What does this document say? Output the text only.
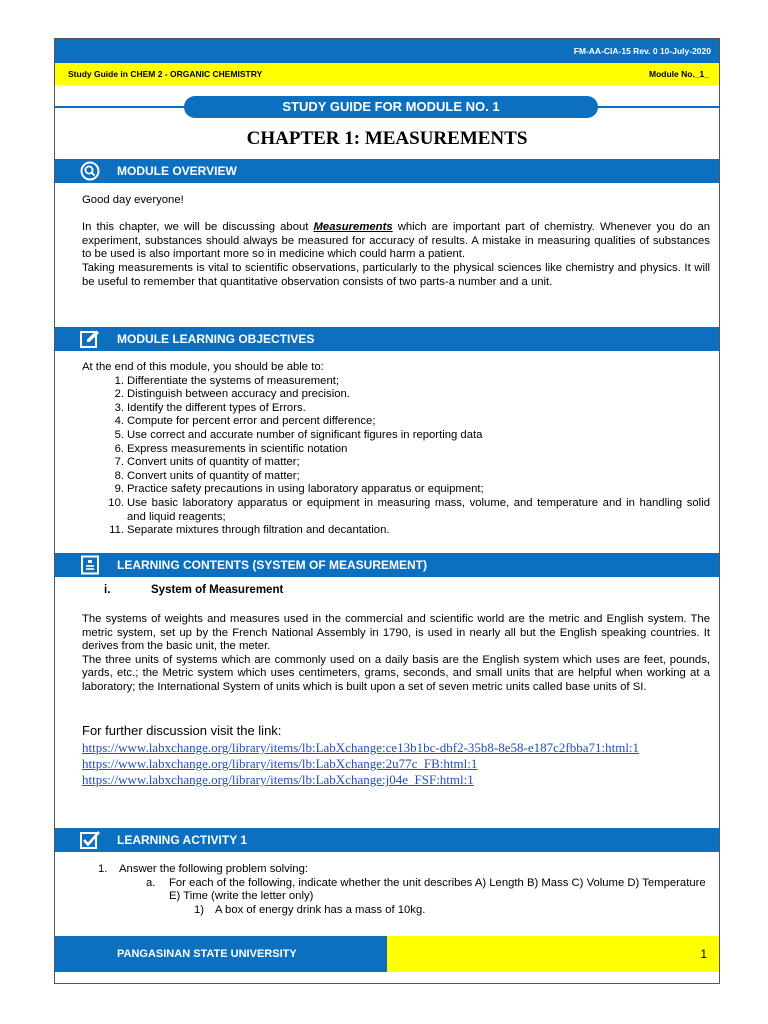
FM-AA-CIA-15 Rev. 0 10-July-2020
Study Guide in CHEM 2 - ORGANIC CHEMISTRY	Module No._1_
STUDY GUIDE FOR MODULE NO. 1
CHAPTER 1: MEASUREMENTS
MODULE OVERVIEW

Good day everyone!

In this chapter, we will be discussing about Measurements which are important part of chemistry. Whenever you do an experiment, substances should always be measured for accuracy of results. A mistake in measuring qualities of substances to be used is also important more so in medicine which could harm a patient.

Taking measurements is vital to scientific observations, particularly to the physical sciences like chemistry and physics. It will be useful to remember that quantitative observation consists of two parts-a number and a unit.

MODULE LEARNING OBJECTIVES

At the end of this module, you should be able to:

1. Differentiate the systems of measurement;
2. Distinguish between accuracy and precision.
3. Identify the different types of Errors.
4. Compute for percent error and percent difference;
5. Use correct and accurate number of significant figures in reporting data
6. Express measurements in scientific notation
7. Convert units of quantity of matter;
8. Convert units of quantity of matter;
9. Practice safety precautions in using laboratory apparatus or equipment;
10. Use basic laboratory apparatus or equipment in measuring mass, volume, and temperature and in handling solid and liquid reagents;
11. Separate mixtures through filtration and decantation.
LEARNING CONTENTS (SYSTEM OF MEASUREMENT)
i.	System of Measurement

The systems of weights and measures used in the commercial and scientific world are the metric and English system. The metric system, set up by the French National Assembly in 1790, is used in nearly all but the English speaking countries. It derives from the basic unit, the meter.

The three units of systems which are commonly used on a daily basis are the English system which uses are feet, pounds, yards, etc.; the Metric system which uses centimeters, grams, seconds, and small units that are helpful when working at a laboratory; the International System of units which is built upon a set of seven metric units called base units of SI.

For further discussion visit the link:
https://www.labxchange.org/library/items/lb:LabXchange:ce13b1bc-dbf2-35b8-8e58-e187c2fbba71:html:1
https://www.labxchange.org/library/items/lb:LabXchange:2u77c_FB:html:1
https://www.labxchange.org/library/items/lb:LabXchange:j04e_FSF:html:1
LEARNING ACTIVITY 1
1. Answer the following problem solving:
a. For each of the following, indicate whether the unit describes A) Length B) Mass C) Volume D) Temperature E) Time (write the letter only)
1) A box of energy drink has a mass of 10kg.
PANGASINAN STATE UNIVERSITY	1
